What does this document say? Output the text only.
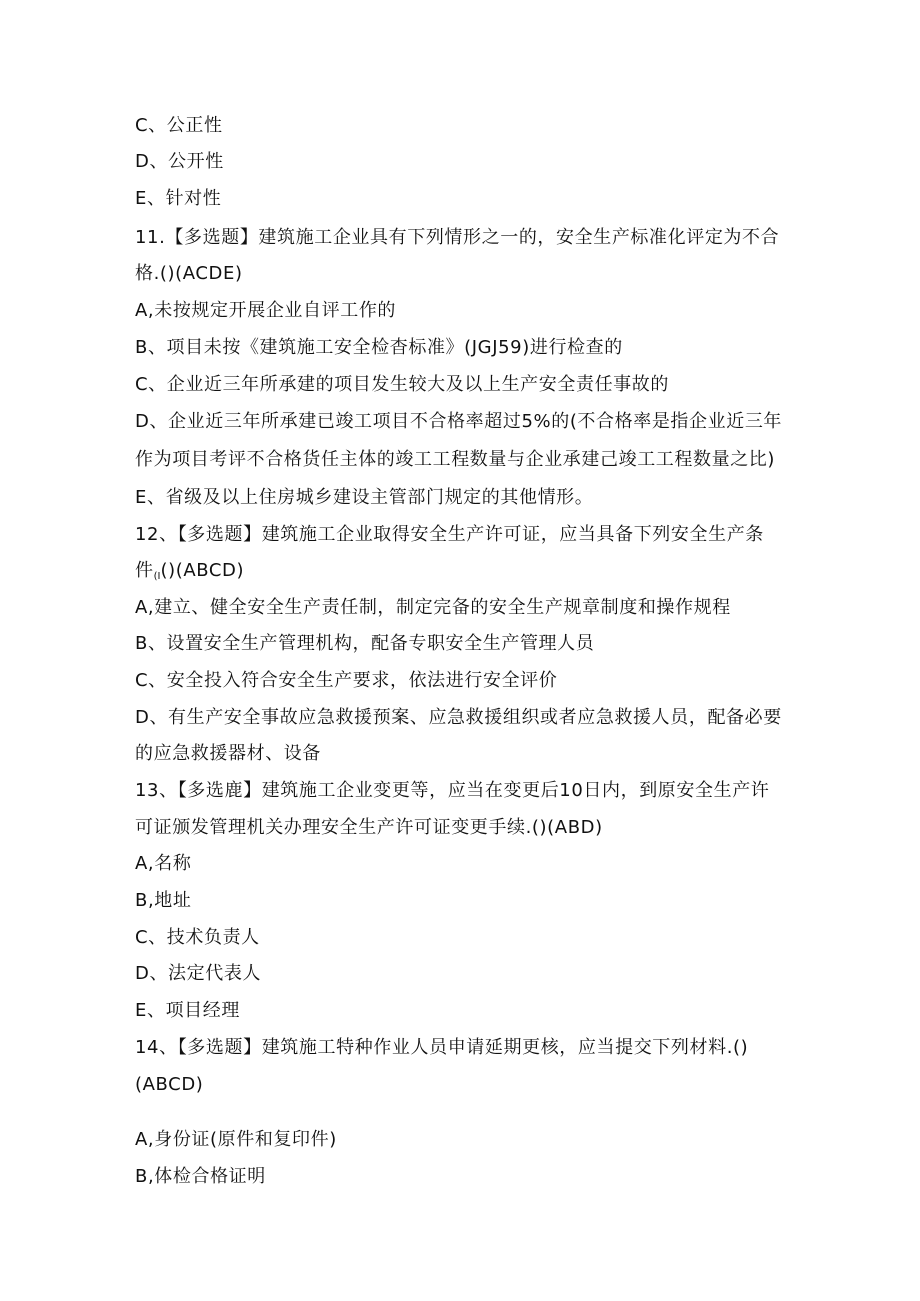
C、公正性
D、公开性
E、针对性
11.【多选题】建筑施工企业具有下列情形之一的，安全生产标准化评定为不合
格.()(ACDE)
A,未按规定开展企业自评工作的
B、项目未按《建筑施工安全检杳标准》(JGJ59)进行检查的
C、企业近三年所承建的项目发生较大及以上生产安全责任事故的
D、企业近三年所承建已竣工项目不合格率超过5%的(不合格率是指企业近三年
作为项目考评不合格货任主体的竣工工程数量与企业承建己竣工工程数量之比)
E、省级及以上住房城乡建设主管部门规定的其他情形。
12、【多选题】建筑施工企业取得安全生产许可证，应当具备下列安全生产条
件(I()(ABCD)
A,建立、健全安全生产责任制，制定完备的安全生产规章制度和操作规程
B、设置安全生产管理机构，配备专职安全生产管理人员
C、安全投入符合安全生产要求，依法进行安全评价
D、有生产安全事故应急救援预案、应急救援组织或者应急救援人员，配备必要
的应急救援器材、设备
13、【多选鹿】建筑施工企业变更等，应当在变更后10日内，到原安全生产许
可证颁发管理机关办理安全生产许可证变更手续.()(ABD)
A,名称
B,地址
C、技术负责人
D、法定代表人
E、项目经理
14、【多选题】建筑施工特种作业人员申请延期更核，应当提交下列材料.()
(ABCD)
A,身份证(原件和复印件)
B,体检合格证明
